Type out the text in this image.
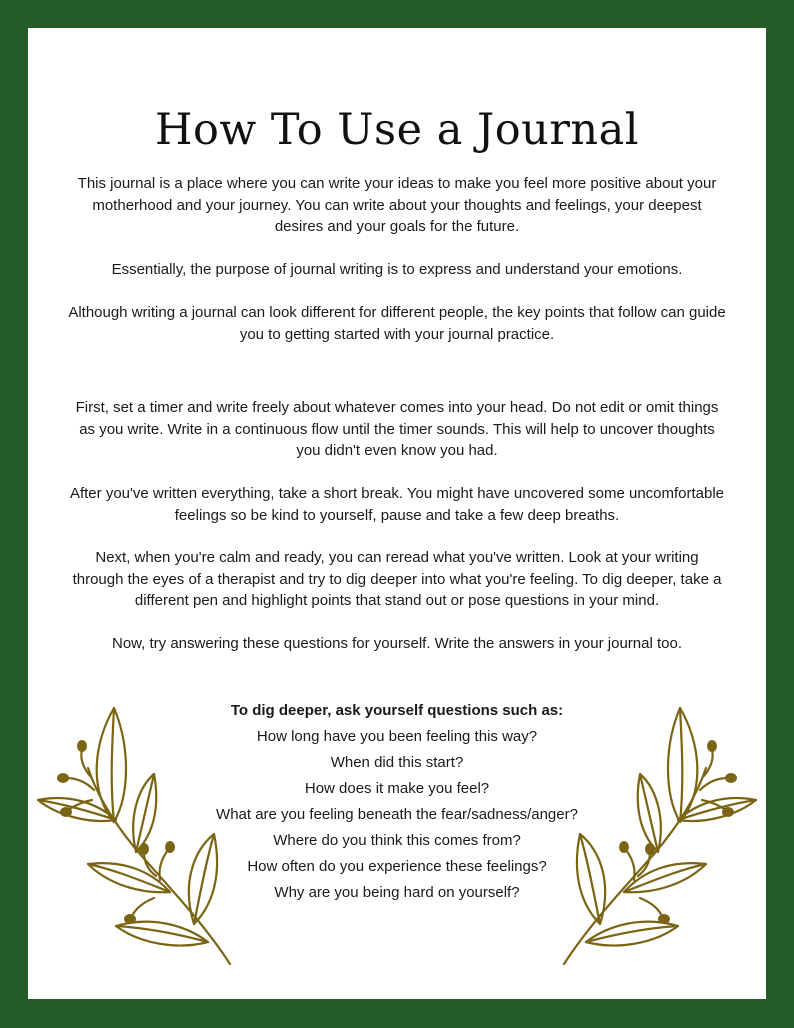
How To Use a Journal

This journal is a place where you can write your ideas to make you feel more positive about your motherhood and your journey. You can write about your thoughts and feelings, your deepest desires and your goals for the future.

Essentially, the purpose of journal writing is to express and understand your emotions.

Although writing a journal can look different for different people, the key points that follow can guide you to getting started with your journal practice.

First, set a timer and write freely about whatever comes into your head. Do not edit or omit things as you write. Write in a continuous flow until the timer sounds. This will help to uncover thoughts you didn't even know you had.

After you've written everything, take a short break. You might have uncovered some uncomfortable feelings so be kind to yourself, pause and take a few deep breaths.

Next, when you're calm and ready, you can reread what you've written. Look at your writing through the eyes of a therapist and try to dig deeper into what you're feeling. To dig deeper, take a different pen and highlight points that stand out or pose questions in your mind.

Now, try answering these questions for yourself. Write the answers in your journal too.

To dig deeper, ask yourself questions such as:
How long have you been feeling this way?
When did this start?
How does it make you feel?
What are you feeling beneath the fear/sadness/anger?
Where do you think this comes from?
How often do you experience these feelings?
Why are you being hard on yourself?
